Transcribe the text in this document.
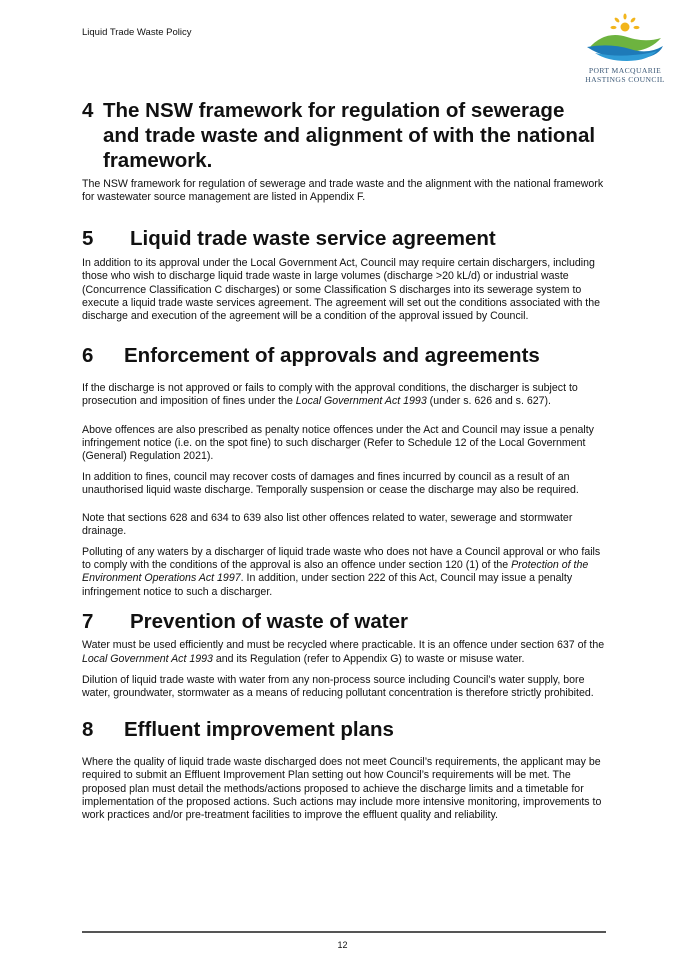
Liquid Trade Waste Policy
PORT MACQUARIE
HASTINGS COUNCIL
4 The NSW framework for regulation of sewerage and trade waste and alignment of with the national framework.

The NSW framework for regulation of sewerage and trade waste and the alignment with the national framework for wastewater source management are listed in Appendix F.

5	Liquid trade waste service agreement

In addition to its approval under the Local Government Act, Council may require certain dischargers, including those who wish to discharge liquid trade waste in large volumes (discharge >20 kL/d) or industrial waste (Concurrence Classification C discharges) or some Classification S discharges into its sewerage system to execute a liquid trade waste services agreement. The agreement will set out the conditions associated with the discharge and execution of the agreement will be a condition of the approval issued by Council.

6	Enforcement of approvals and agreements

If the discharge is not approved or fails to comply with the approval conditions, the discharger is subject to prosecution and imposition of fines under the Local Government Act 1993 (under s. 626 and s. 627).

Above offences are also prescribed as penalty notice offences under the Act and Council may issue a penalty infringement notice (i.e. on the spot fine) to such discharger (Refer to Schedule 12 of the Local Government (General) Regulation 2021).

In addition to fines, council may recover costs of damages and fines incurred by council as a result of an unauthorised liquid waste discharge. Temporally suspension or cease the discharge may also be required.

Note that sections 628 and 634 to 639 also list other offences related to water, sewerage and stormwater drainage.

Polluting of any waters by a discharger of liquid trade waste who does not have a Council approval or who fails to comply with the conditions of the approval is also an offence under section 120 (1) of the Protection of the Environment Operations Act 1997. In addition, under section 222 of this Act, Council may issue a penalty infringement notice to such a discharger.

7	Prevention of waste of water

Water must be used efficiently and must be recycled where practicable. It is an offence under section 637 of the Local Government Act 1993 and its Regulation (refer to Appendix G) to waste or misuse water.

Dilution of liquid trade waste with water from any non-process source including Council’s water supply, bore water, groundwater, stormwater as a means of reducing pollutant concentration is therefore strictly prohibited.

8	Effluent improvement plans

Where the quality of liquid trade waste discharged does not meet Council’s requirements, the applicant may be required to submit an Effluent Improvement Plan setting out how Council’s requirements will be met. The proposed plan must detail the methods/actions proposed to achieve the discharge limits and a timetable for implementation of the proposed actions. Such actions may include more intensive monitoring, improvements to work practices and/or pre-treatment facilities to improve the effluent quality and reliability.

12
